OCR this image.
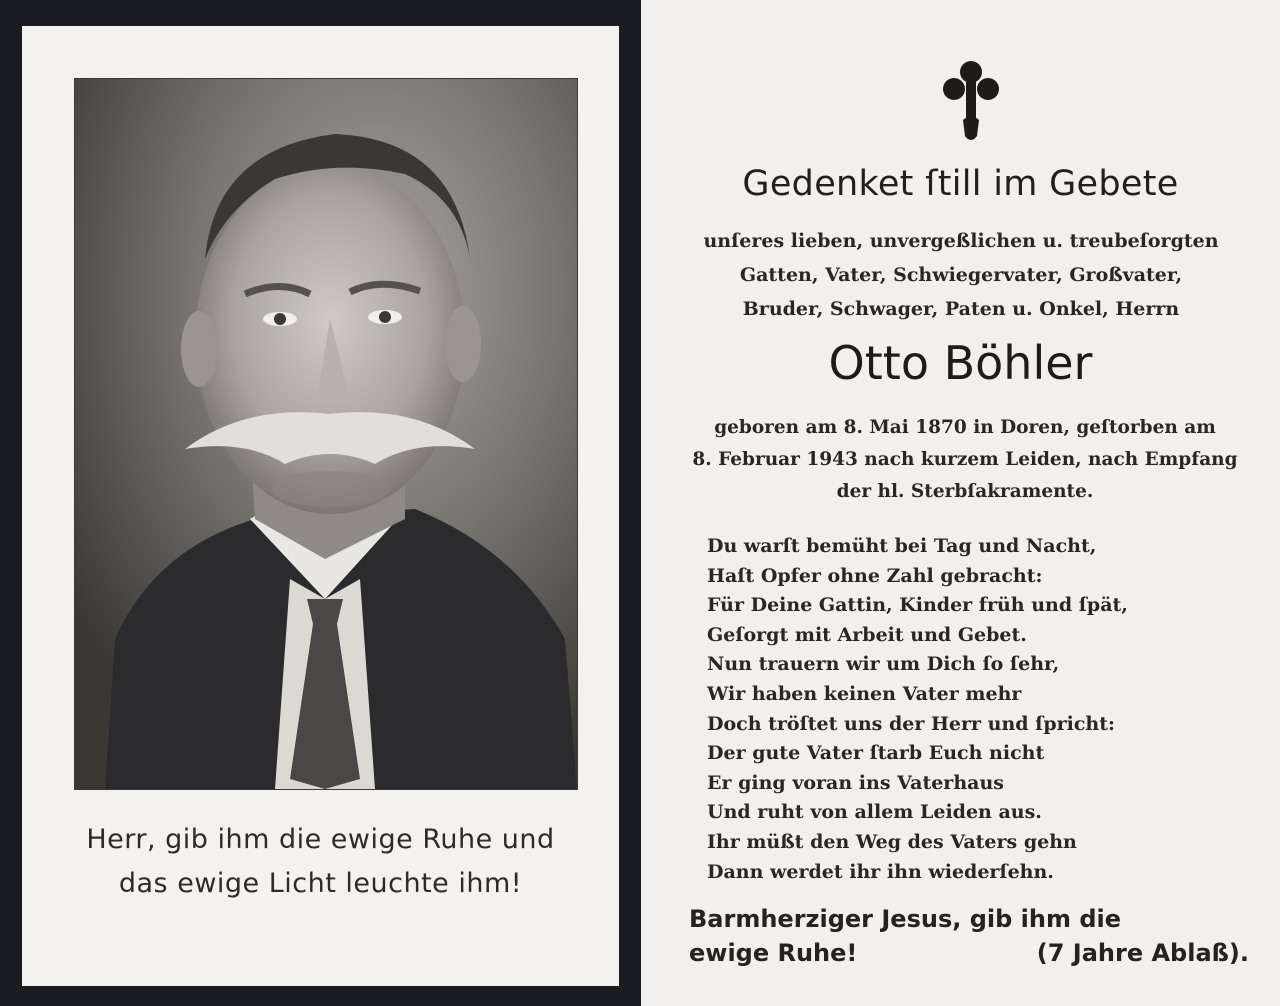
Herr, gib ihm die ewige Ruhe und
das ewige Licht leuchte ihm!
Gedenket ſtill im Gebete
unſeres lieben, unvergeßlichen u. treubeſorgten
Gatten, Vater, Schwiegervater, Großvater,
Bruder, Schwager, Paten u. Onkel, Herrn
Otto Böhler
geboren am 8. Mai 1870 in Doren, geſtorben am
8. Februar 1943 nach kurzem Leiden, nach Empfang
der hl. Sterbſakramente.
Du warſt bemüht bei Tag und Nacht,
Haſt Opfer ohne Zahl gebracht:
Für Deine Gattin, Kinder früh und ſpät,
Geſorgt mit Arbeit und Gebet.
Nun trauern wir um Dich ſo ſehr,
Wir haben keinen Vater mehr
Doch tröſtet uns der Herr und ſpricht:
Der gute Vater ſtarb Euch nicht
Er ging voran ins Vaterhaus
Und ruht von allem Leiden aus.
Ihr müßt den Weg des Vaters gehn
Dann werdet ihr ihn wiederſehn.
Barmherziger Jesus, gib ihm die
ewige Ruhe!	(7 Jahre Ablaß).
